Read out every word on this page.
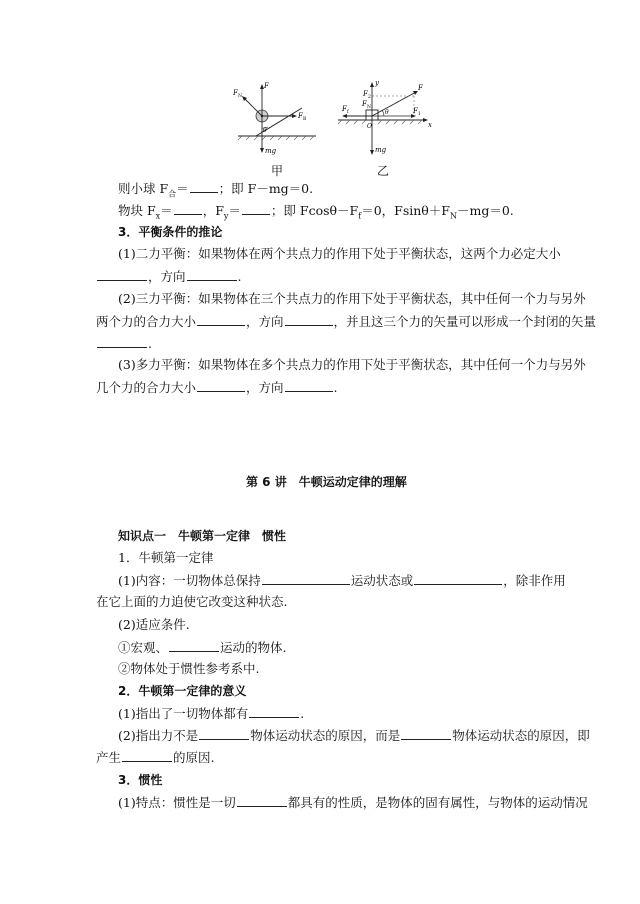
F
F N
F B
θ
mg
y
F
F 2
F N
F f	F 1
θ
x
O
mg
甲	乙
则小球 $F_合=$ ；即 F－mg＝0.
物块 $F_x=$ ，$F_y=$ ；即 $Fcos\theta-F_f=0$，$Fsin\theta+F_N-mg=0$.
3．平衡条件的推论
(1)二力平衡：如果物体在两个共点力的作用下处于平衡状态，这两个力必定大小
，方向	.
(2)三力平衡：如果物体在三个共点力的作用下处于平衡状态，其中任何一个力与另外
两个力的合力大小	，方向	，并且这三个力的矢量可以形成一个封闭的矢量
.
(3)多力平衡：如果物体在多个共点力的作用下处于平衡状态，其中任何一个力与另外
几个力的合力大小	，方向	.
第 6 讲　牛顿运动定律的理解
知识点一　牛顿第一定律　惯性
1．牛顿第一定律
(1)内容：一切物体总保持	运动状态或	，除非作用
在它上面的力迫使它改变这种状态.
(2)适应条件.
①宏观、	运动的物体.
②物体处于惯性参考系中.
2．牛顿第一定律的意义
(1)指出了一切物体都有	.
(2)指出力不是	物体运动状态的原因，而是	物体运动状态的原因，即
产生	的原因.
3．惯性
(1)特点：惯性是一切	都具有的性质，是物体的固有属性，与物体的运动情况
